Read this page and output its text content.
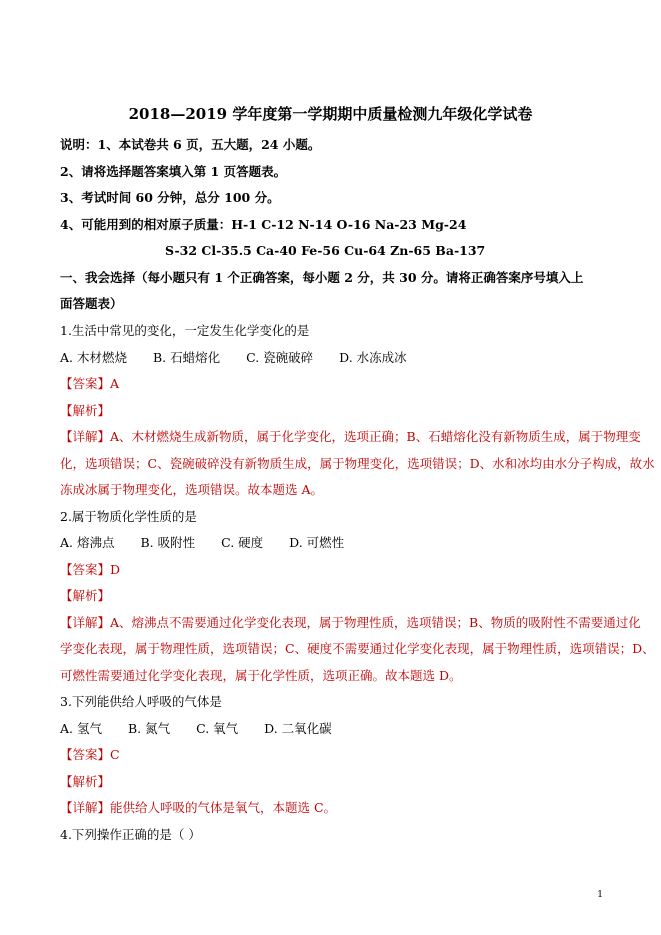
2018—2019 学年度第一学期期中质量检测九年级化学试卷
说明：1、本试卷共 6 页，五大题，24 小题。
2、请将选择题答案填入第 1 页答题表。
3、考试时间 60 分钟，总分 100 分。
4、可能用到的相对原子质量：H-1 C-12 N-14 O-16 Na-23 Mg-24
S-32 Cl-35.5 Ca-40 Fe-56 Cu-64 Zn-65 Ba-137
一、我会选择（每小题只有 1 个正确答案，每小题 2 分，共 30 分。请将正确答案序号填入上
面答题表）
1.生活中常见的变化，一定发生化学变化的是
A. 木材燃烧 B. 石蜡熔化 C. 瓷碗破碎 D. 水冻成冰
【答案】A
【解析】
【详解】A、木材燃烧生成新物质，属于化学变化，选项正确；B、石蜡熔化没有新物质生成，属于物理变
化，选项错误；C、瓷碗破碎没有新物质生成，属于物理变化，选项错误；D、水和冰均由水分子构成，故水
冻成冰属于物理变化，选项错误。故本题选 A。
2.属于物质化学性质的是
A. 熔沸点 B. 吸附性 C. 硬度 D. 可燃性
【答案】D
【解析】
【详解】A、熔沸点不需要通过化学变化表现，属于物理性质，选项错误；B、物质的吸附性不需要通过化
学变化表现，属于物理性质，选项错误；C、硬度不需要通过化学变化表现，属于物理性质，选项错误；D、
可燃性需要通过化学变化表现，属于化学性质，选项正确。故本题选 D。
3.下列能供给人呼吸的气体是
A. 氢气 B. 氮气 C. 氧气 D. 二氧化碳
【答案】C
【解析】
【详解】能供给人呼吸的气体是氧气，本题选 C。
4.下列操作正确的是（ ）
1
